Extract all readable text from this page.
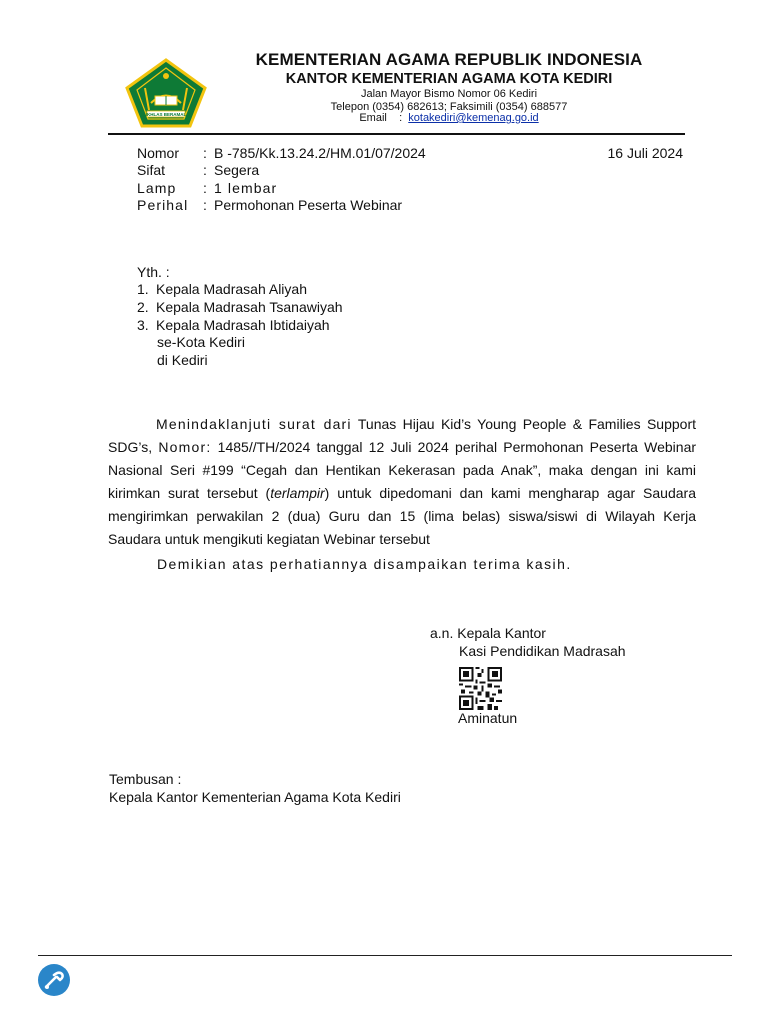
IKHLAS BERAMAL
KEMENTERIAN AGAMA REPUBLIK INDONESIA
KANTOR KEMENTERIAN AGAMA KOTA KEDIRI
Jalan Mayor Bismo Nomor 06 Kediri
Telepon (0354) 682613; Faksimili (0354) 688577
Email : kotakediri@kemenag.go.id
Nomor : B -785/Kk.13.24.2/HM.01/07/2024	16 Juli 2024
Sifat	: Segera
Lamp : 1 lembar
Perihal : Permohonan Peserta Webinar
Yth. :
1. Kepala Madrasah Aliyah
2. Kepala Madrasah Tsanawiyah
3. Kepala Madrasah Ibtidaiyah
se-Kota Kediri
di Kediri
Menindaklanjuti surat dari Tunas Hijau Kid’s Young People & Families Support SDG’s, Nomor: 1485//TH/2024 tanggal 12 Juli 2024 perihal Permohonan Peserta Webinar Nasional Seri #199 “Cegah dan Hentikan Kekerasan pada Anak”, maka dengan ini kami kirimkan surat tersebut (terlampir) untuk dipedomani dan kami mengharap agar Saudara mengirimkan perwakilan 2 (dua) Guru dan 15 (lima belas) siswa/siswi di Wilayah Kerja Saudara untuk mengikuti kegiatan Webinar tersebut
Demikian atas perhatiannya disampaikan terima kasih.
a.n. Kepala Kantor
Kasi Pendidikan Madrasah
Aminatun
Tembusan :
Kepala Kantor Kementerian Agama Kota Kediri
